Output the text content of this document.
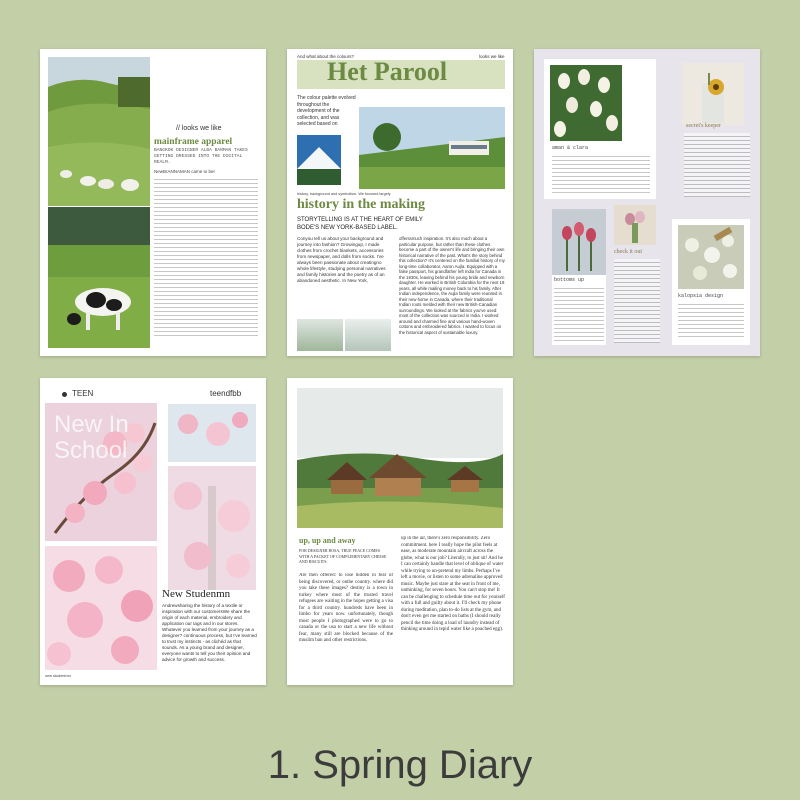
// looks we like
mainframe apparel
BANGKOK DESIGNER ALBA BANMAN TAKES GETTING DRESSED INTO THE DIGITAL REALM.
NewBrANNAMAN came to ber
And what about the colours?	looks we like
Het Parool
The colour palette evolved throughout the development of the collection, and was selected based on
history, background and symbolism. We focused largely
history in the making
STORYTELLING IS AT THE HEART OF EMILY BODE'S NEW YORK-BASED LABEL.
Conyou tell us about your background and journey into fashion? Growingup, I made clothes from crochet blankets, accessories from newspaper, and dolls from socks. I've always been passionate about creatingno whole lifestyle, studying personal narratives and family histories and the poetry as of an abandoned aesthetic. In New York,
offerssmuch inspiration. It's also much about a particular purpose, but rather than these clothes become a part of the owner's life and bringing their own historical narrative of the past. What's the story behind this collection? It's centered on the familial history of my long-time collaborator, Aaron Aujla. Equipped with a false passport, his grandfather left India for Canada in the 1930s, leaving behind his young bride and newborn daughter. He worked in British Columbia for the next 18 years, all while mailing money back to his family. After Indian independence, the Aujla family were reunited in their new home in Canada, where their traditional Indian roots melded with their new British-Canadian surroundings. We looked at the fabrics you've used: most of the collection was sourced in India. I worked around and charmed fine and various hand-woven cottons and embroidered fabrics. I wanted to focus on the historical aspect of sustainable luxury.
aman & clara
secret's keeper
bottoms up
check it out
kalopsia design
TEEN	teendfbb
New In School
New Studenmn
Andrewsharing the history of a textile or inspiration with our customersWe share the origin of each material, embroidery and application our tags and in our stores. Whatever you learned from your journey as a designer? continuous process, but I've learned to trust my instincts - as clichéd as that sounds. As a young brand and designer, everyone wants to tell you their opinion and advice for growth and success.
new studentmn
up, up and away
FOR DESIGNER ROSA, TRUE PEACE COMES WITH A PACKET OF COMPLIMENTARY CHEESE AND BISCUITS.
Are then offered: to lose hidden in fear of being discovered, or onthe country. where did you take these images? destiny is a town in turkey where most of the trusted travel refugees are waiting in the hopes getting a visa for a third country. hundreds have been in limbo for years now. unfortunately, though most people I photographed were to go to canada or the usa to start a new life without fear, many still are blocked because of the muslim ban and other restrictions.
up in the air, there's zero responsibility. Zero commitment. here I really hope the pilot feels at ease, as moderate mountain aircraft across the globe, what is our job? Literally, to just sit! And he I can certainly handle that level of oblique of water while trying to un-pretend my limbs. Perhaps I've left a movie, or listen to some adrenaline approved music. Maybe just stare at the seat in front of me, unthinking, for seven hours. You can't stop me! It can be challenging to schedule time out for yourself with a full and guilty about it. I'll check my phone during meditation, plan to-do lists at the gym, and don't even get me started on baths (I should really pencil the time doing a load of laundry instead of thinking around in tepid water like a poached egg).
1. Spring Diary
